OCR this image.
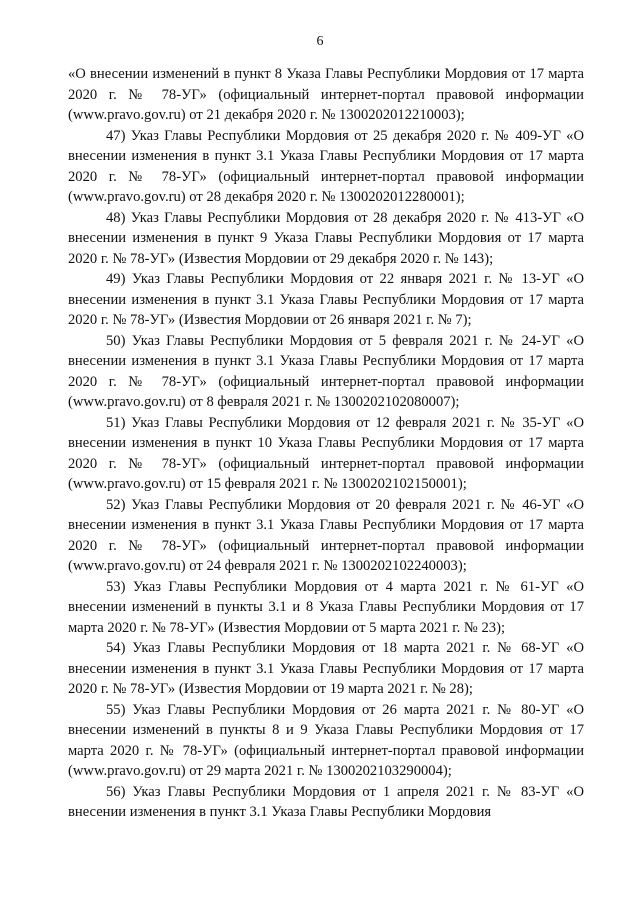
6

«О внесении изменений в пункт 8 Указа Главы Республики Мордовия от 17 марта 2020 г. № 78-УГ» (официальный интернет-портал правовой информации (www.pravo.gov.ru) от 21 декабря 2020 г. № 1300202012210003);

47) Указ Главы Республики Мордовия от 25 декабря 2020 г. № 409-УГ «О внесении изменения в пункт 3.1 Указа Главы Республики Мордовия от 17 марта 2020 г. № 78-УГ» (официальный интернет-портал правовой информации (www.pravo.gov.ru) от 28 декабря 2020 г. № 1300202012280001);

48) Указ Главы Республики Мордовия от 28 декабря 2020 г. № 413-УГ «О внесении изменения в пункт 9 Указа Главы Республики Мордовия от 17 марта 2020 г. № 78-УГ» (Известия Мордовии от 29 декабря 2020 г. № 143);

49) Указ Главы Республики Мордовия от 22 января 2021 г. № 13-УГ «О внесении изменения в пункт 3.1 Указа Главы Республики Мордовия от 17 марта 2020 г. № 78-УГ» (Известия Мордовии от 26 января 2021 г. № 7);

50) Указ Главы Республики Мордовия от 5 февраля 2021 г. № 24-УГ «О внесении изменения в пункт 3.1 Указа Главы Республики Мордовия от 17 марта 2020 г. № 78-УГ» (официальный интернет-портал правовой информации (www.pravo.gov.ru) от 8 февраля 2021 г. № 1300202102080007);

51) Указ Главы Республики Мордовия от 12 февраля 2021 г. № 35-УГ «О внесении изменения в пункт 10 Указа Главы Республики Мордовия от 17 марта 2020 г. № 78-УГ» (официальный интернет-портал правовой информации (www.pravo.gov.ru) от 15 февраля 2021 г. № 1300202102150001);

52) Указ Главы Республики Мордовия от 20 февраля 2021 г. № 46-УГ «О внесении изменения в пункт 3.1 Указа Главы Республики Мордовия от 17 марта 2020 г. № 78-УГ» (официальный интернет-портал правовой информации (www.pravo.gov.ru) от 24 февраля 2021 г. № 1300202102240003);

53) Указ Главы Республики Мордовия от 4 марта 2021 г. № 61-УГ «О внесении изменений в пункты 3.1 и 8 Указа Главы Республики Мордовия от 17 марта 2020 г. № 78-УГ» (Известия Мордовии от 5 марта 2021 г. № 23);

54) Указ Главы Республики Мордовия от 18 марта 2021 г. № 68-УГ «О внесении изменения в пункт 3.1 Указа Главы Республики Мордовия от 17 марта 2020 г. № 78-УГ» (Известия Мордовии от 19 марта 2021 г. № 28);

55) Указ Главы Республики Мордовия от 26 марта 2021 г. № 80-УГ «О внесении изменений в пункты 8 и 9 Указа Главы Республики Мордовия от 17 марта 2020 г. № 78-УГ» (официальный интернет-портал правовой информации (www.pravo.gov.ru) от 29 марта 2021 г. № 1300202103290004);

56) Указ Главы Республики Мордовия от 1 апреля 2021 г. № 83-УГ «О внесении изменения в пункт 3.1 Указа Главы Республики Мордовия
